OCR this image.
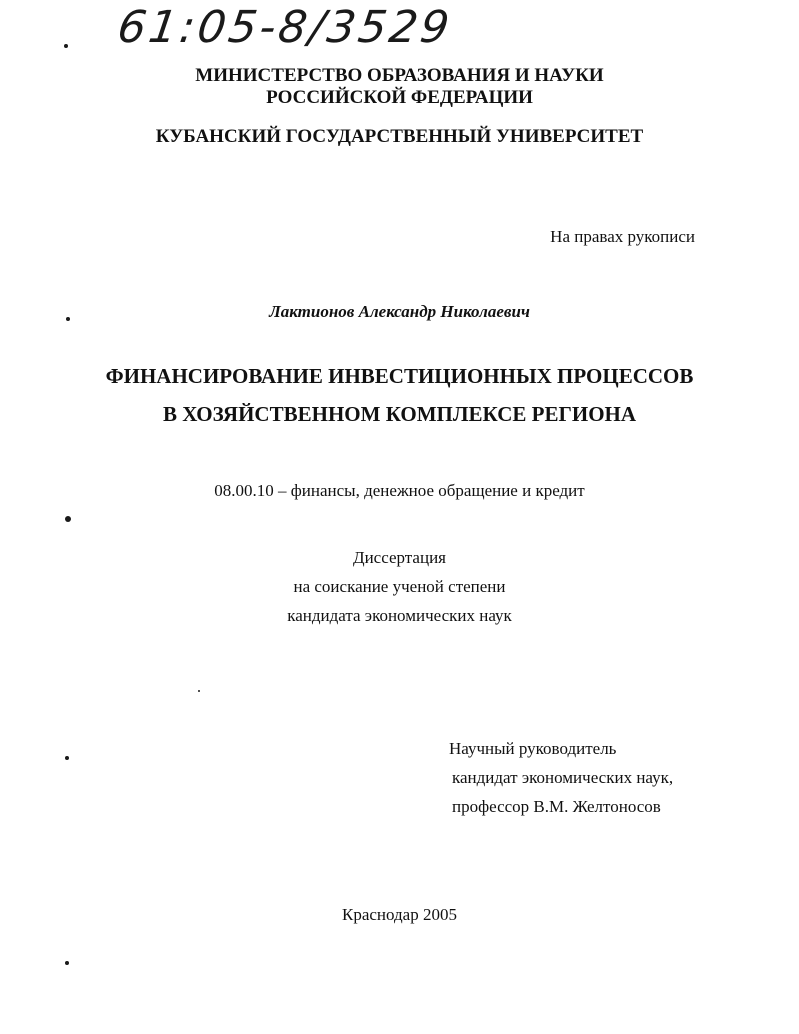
61:05-8/3529
МИНИСТЕРСТВО ОБРАЗОВАНИЯ И НАУКИ
РОССИЙСКОЙ ФЕДЕРАЦИИ
КУБАНСКИЙ ГОСУДАРСТВЕННЫЙ УНИВЕРСИТЕТ
На правах рукописи
Лактионов Александр Николаевич
ФИНАНСИРОВАНИЕ ИНВЕСТИЦИОННЫХ ПРОЦЕССОВ
В ХОЗЯЙСТВЕННОМ КОМПЛЕКСЕ РЕГИОНА
08.00.10 – финансы, денежное обращение и кредит
Диссертация
на соискание ученой степени
кандидата экономических наук
Научный руководитель
кандидат экономических наук,
профессор В.М. Желтоносов
Краснодар 2005
